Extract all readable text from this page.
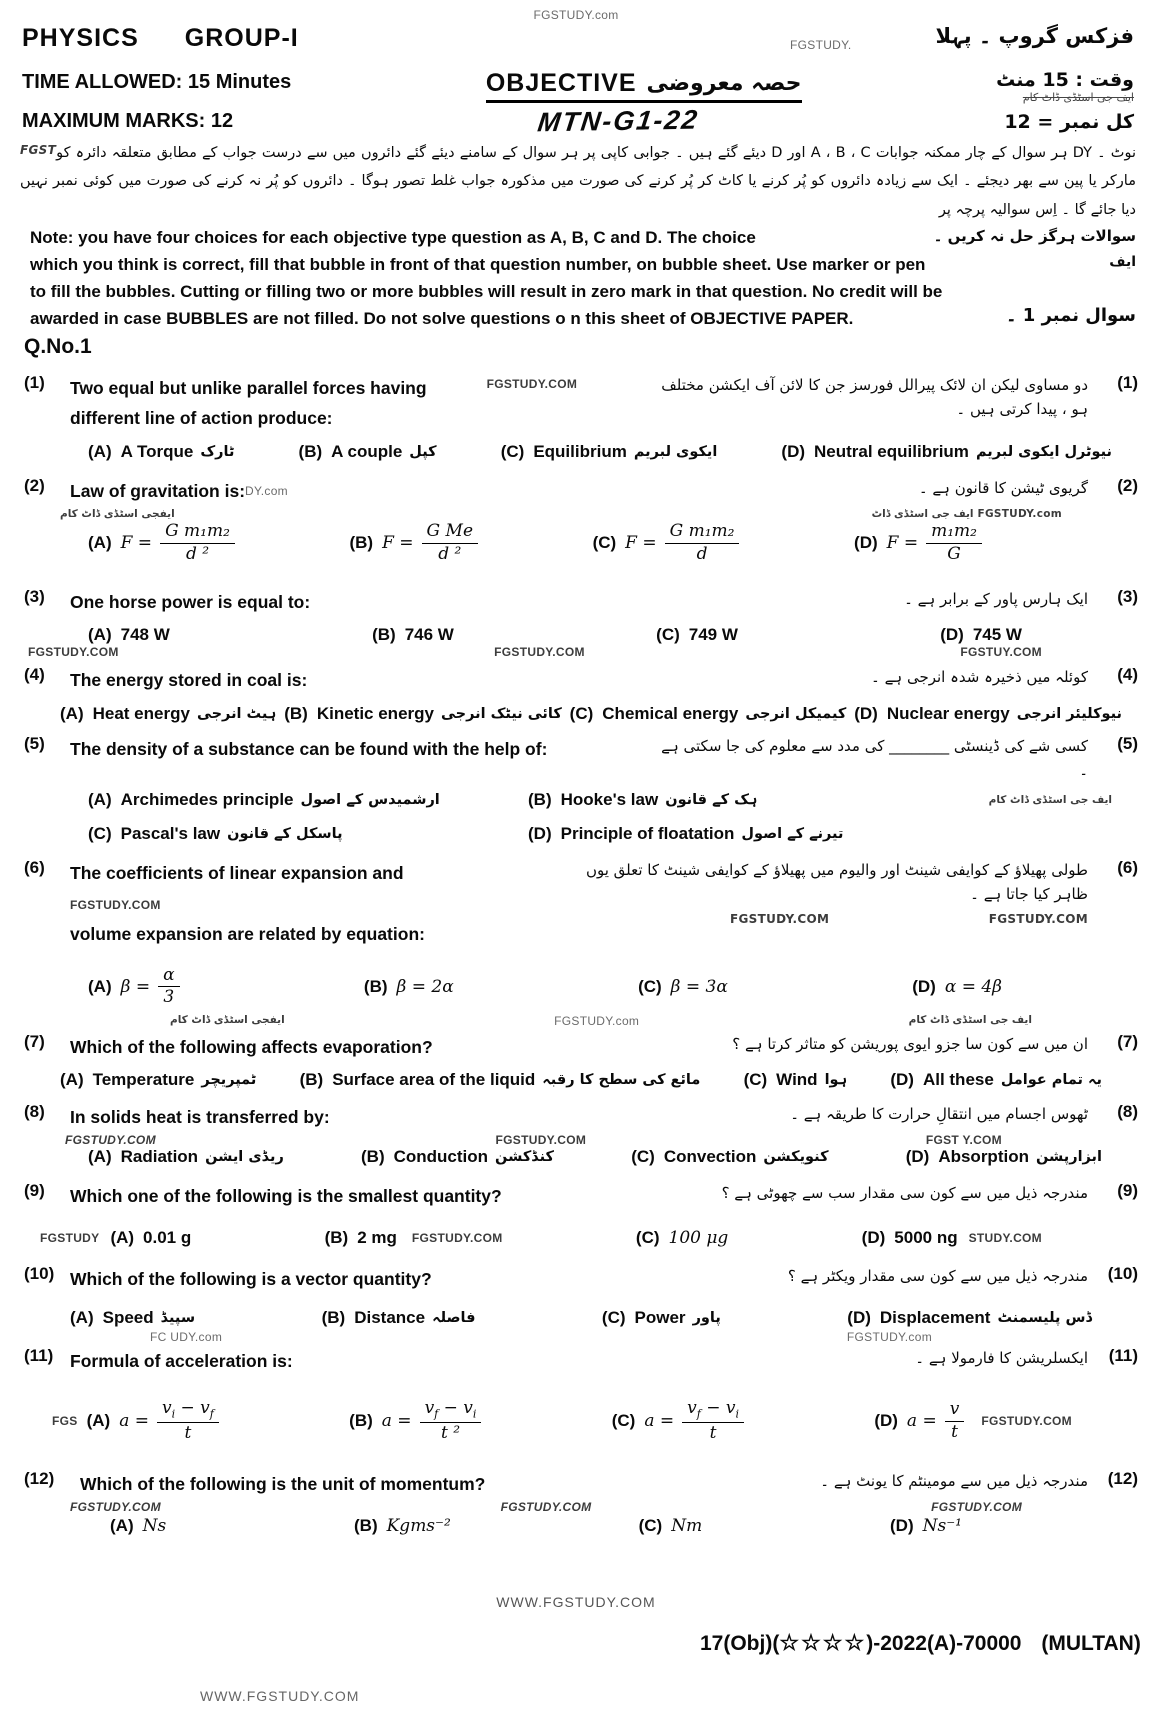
FGSTUDY.com
FGSTUDY.
PHYSICS GROUP-I	فزکس گروپ ۔ پہلا
TIME ALLOWED: 15 Minutes	OBJECTIVE حصہ معروضی	وقت : 15 منٹ
ایف جی اسٹڈی ڈاٹ کام
MAXIMUM MARKS: 12	MTN-G1-22	کل نمبر = 12
FGST نوٹ ۔ DY ہر سوال کے چار ممکنہ جوابات A ، B ، C اور D دیئے گئے ہیں ۔ جوابی کاپی پر ہر سوال کے سامنے دیئے گئے دائروں میں سے درست جواب کے مطابق متعلقہ دائرہ کو مارکر یا پین سے بھر دیجئے ۔ ایک سے زیادہ دائروں کو پُر کرنے یا کاٹ کر پُر کرنے کی صورت میں مذکورہ جواب غلط تصور ہوگا ۔ دائروں کو پُر نہ کرنے کی صورت میں کوئی نمبر نہیں دیا جائے گا ۔ اِس سوالیہ پرچہ پر
Note: you have four choices for each objective type question as A, B, C and D. The choice	سوالات ہرگز حل نہ کریں ۔
which you think is correct, fill that bubble in front of that question number, on bubble sheet. Use marker or pen	ایف
to fill the bubbles. Cutting or filling two or more bubbles will result in zero mark in that question. No credit will be
awarded in case BUBBLES are not filled. Do not solve questions o n this sheet of OBJECTIVE PAPER.	سوال نمبر 1 ۔
Q.No.1
(1)	Two equal but unlike parallel forces having
different line of action produce:
FGSTUDY.COM	دو مساوی لیکن ان لائک پیرالل فورسز جن کا لائن آف ایکشن مختلف ہو ، پیدا کرتی ہیں ۔
(1)
(A) A Torque ٹارک	(B) A couple کپل	(C) Equilibrium ایکوی لبریم	(D) Neutral equilibrium نیوٹرل ایکوی لبریم
(2)	Law of gravitation is: DY.com	گریوی ٹیشن کا قانون ہے ۔	(2)
ایفجی اسٹڈی ڈاٹ کام	FGSTUDY.com ایف جی اسٹڈی ڈاٹ
(A) $F = \frac{\text{G m₁m₂}}{\text{d ²}}$	(B) $F = \frac{\text{G Me}}{\text{d ²}}$	(C) $F = \frac{\text{G m₁m₂}}{d}$	(D) $F = \frac{\text{m₁m₂}}{G}$
(3)	One horse power is equal to:	ایک ہارس پاور کے برابر ہے ۔	(3)
(A) 748 W	(B) 746 W	(C) 749 W	(D) 745 W
FGSTUDY.COM	FGSTUDY.COM	FGSTUY.COM
(4)	The energy stored in coal is:	کوئلہ میں ذخیرہ شدہ انرجی ہے ۔	(4)
(A) Heat energy ہیٹ انرجی (B) Kinetic energy کائی نیٹک انرجی (C) Chemical energy کیمیکل انرجی (D) Nuclear energy نیوکلیئر انرجی
(5)	The density of a substance can be found with the help of:	کسی شے کی ڈینسٹی ________ کی مدد سے معلوم کی جا سکتی ہے ۔
(5)
(A) Archimedes principle ارشمیدس کے اصول	(B) Hooke's law ہک کے قانون	ایف جی اسٹڈی ڈاٹ کام
(C) Pascal's law پاسکل کے قانون	(D) Principle of floatation تیرنے کے اصول
(6)	The coefficients of linear expansion and
FGSTUDY.COM
volume expansion are related by equation:
طولی پھیلاؤ کے کوایفی شینٹ اور والیوم میں پھیلاؤ کے کوایفی شینٹ کا تعلق یوں ظاہر کیا جاتا ہے ۔
FGSTUDY.COM  FGSTUDY.COM
(6)
(A) $\beta = \frac{\alpha}{3}$	(B) β = 2α	(C) β = 3α	(D) α = 4β
ایفجی اسٹڈی ڈاٹ کام	FGSTUDY.com	ایف جی اسٹڈی ڈاٹ کام
(7)	Which of the following affects evaporation?	ان میں سے کون سا جزو ایوی پوریشن کو متاثر کرتا ہے ؟	(7)
(A) Temperature ٹمپریچر	(B) Surface area of the liquid مائع کی سطح کا رقبہ	(C) Wind ہوا	(D) All these یہ تمام عوامل
(8)	In solids heat is transferred by:	ٹھوس اجسام میں انتقالِ حرارت کا طریقہ ہے ۔	(8)
FGSTUDY.COM	FGSTUDY.COM	FGST Y.COM
(A) Radiation ریڈی ایشن	(B) Conduction کنڈکشن	(C) Convection کنویکشن	(D) Absorption ابزارپشن
(9)	Which one of the following is the smallest quantity?	مندرجہ ذیل میں سے کون سی مقدار سب سے چھوٹی ہے ؟	(9)
FGSTUDY (A) 0.01 g	(B) 2 mg FGSTUDY.COM	(C) 100 μg	(D) 5000 ng STUDY.COM
(10) Which of the following is a vector quantity?	مندرجہ ذیل میں سے کون سی مقدار ویکٹر ہے ؟	(10)
(A) Speed سپیڈ	(B) Distance فاصلہ	(C) Power پاور	(D) Displacement ڈس پلیسمنٹ
FC UDY.com	FGSTUDY.com
(11) Formula of acceleration is:	ایکسلریشن کا فارمولا ہے ۔	(11)
FGS (A) $a = \frac{v_i - v_f}{t}$	(B) $a = \frac{v_f - v_i}{\text{t ²}}$	(C) $a = \frac{v_f - v_i}{t}$	(D) $a = \frac{v}{t}$ FGSTUDY.COM
(12)	Which of the following is the unit of momentum?	مندرجہ ذیل میں سے مومینٹم کا یونٹ ہے ۔	(12)
FGSTUDY.COM	FGSTUDY.COM	FGSTUDY.COM
(A) Ns	(B) Kgms⁻²	(C) Nm	(D) Ns⁻¹
WWW.FGSTUDY.COM
17(Obj)(☆☆☆☆)-2022(A)-70000 (MULTAN)
WWW.FGSTUDY.COM
